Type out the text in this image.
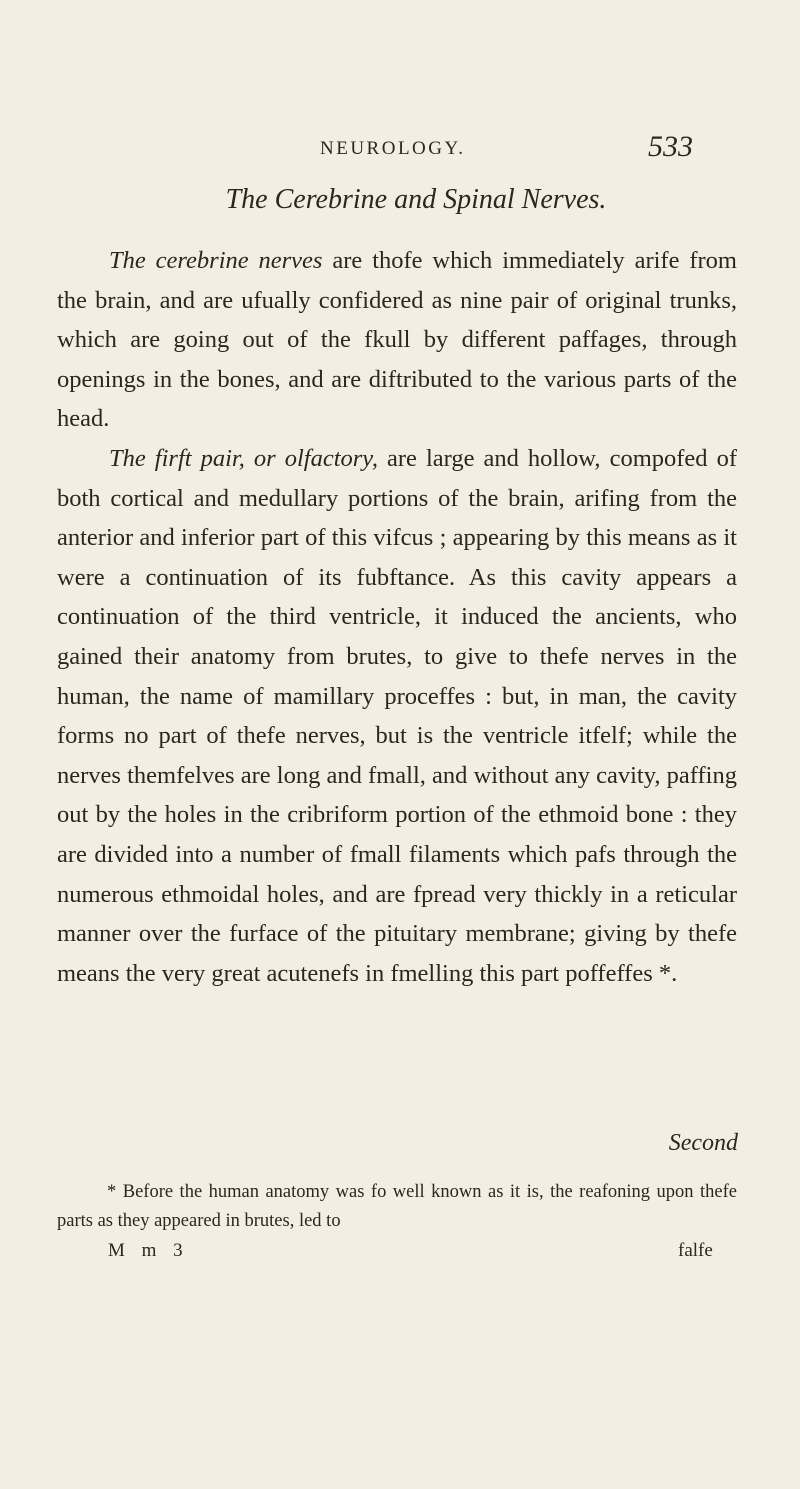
NEUROLOGY.	533
The Cerebrine and Spinal Nerves.

The cerebrine nerves are thofe which immediately arife from the brain, and are ufually confidered as nine pair of original trunks, which are going out of the fkull by different paffages, through openings in the bones, and are diftributed to the various parts of the head.

The firft pair, or olfactory, are large and hollow, compofed of both cortical and medullary portions of the brain, arifing from the anterior and inferior part of this vifcus ; appearing by this means as it were a continuation of its fubftance. As this cavity appears a continuation of the third ventricle, it induced the ancients, who gained their anatomy from brutes, to give to thefe nerves in the human, the name of mamillary proceffes : but, in man, the cavity forms no part of thefe nerves, but is the ventricle itfelf; while the nerves themfelves are long and fmall, and without any cavity, paffing out by the holes in the cribriform portion of the ethmoid bone : they are divided into a number of fmall filaments which pafs through the numerous ethmoidal holes, and are fpread very thickly in a reticular manner over the furface of the pituitary membrane; giving by thefe means the very great acutenefs in fmelling this part poffeffes *.

Second

* Before the human anatomy was fo well known as it is, the reafoning upon thefe parts as they appeared in brutes, led to

M m 3	falfe
